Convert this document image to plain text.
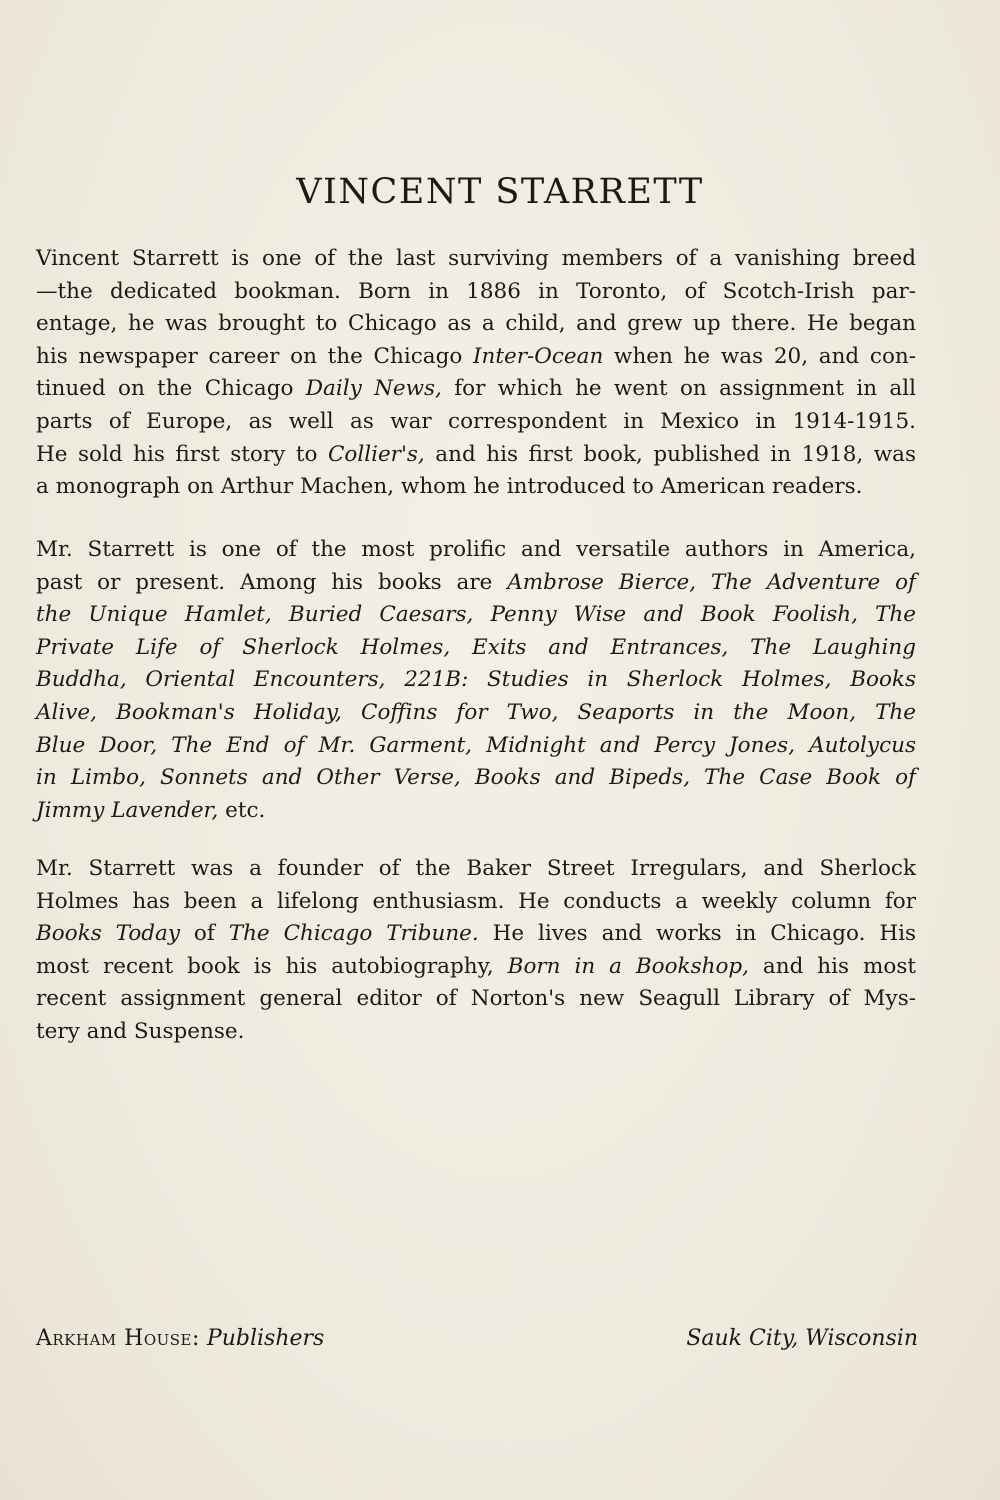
VINCENT STARRETT
Vincent Starrett is one of the last surviving members of a vanishing breed
—the dedicated bookman. Born in 1886 in Toronto, of Scotch-Irish par-
entage, he was brought to Chicago as a child, and grew up there. He began
his newspaper career on the Chicago Inter-Ocean when he was 20, and con-
tinued on the Chicago Daily News, for which he went on assignment in all
parts of Europe, as well as war correspondent in Mexico in 1914-1915.
He sold his first story to Collier's, and his first book, published in 1918, was
a monograph on Arthur Machen, whom he introduced to American readers.
Mr. Starrett is one of the most prolific and versatile authors in America,
past or present. Among his books are Ambrose Bierce, The Adventure of
the Unique Hamlet, Buried Caesars, Penny Wise and Book Foolish, The
Private Life of Sherlock Holmes, Exits and Entrances, The Laughing
Buddha, Oriental Encounters, 221B: Studies in Sherlock Holmes, Books
Alive, Bookman's Holiday, Coffins for Two, Seaports in the Moon, The
Blue Door, The End of Mr. Garment, Midnight and Percy Jones, Autolycus
in Limbo, Sonnets and Other Verse, Books and Bipeds, The Case Book of
Jimmy Lavender, etc.
Mr. Starrett was a founder of the Baker Street Irregulars, and Sherlock
Holmes has been a lifelong enthusiasm. He conducts a weekly column for
Books Today of The Chicago Tribune. He lives and works in Chicago. His
most recent book is his autobiography, Born in a Bookshop, and his most
recent assignment general editor of Norton's new Seagull Library of Mys-
tery and Suspense.
Arkham House: Publishers	Sauk City, Wisconsin
